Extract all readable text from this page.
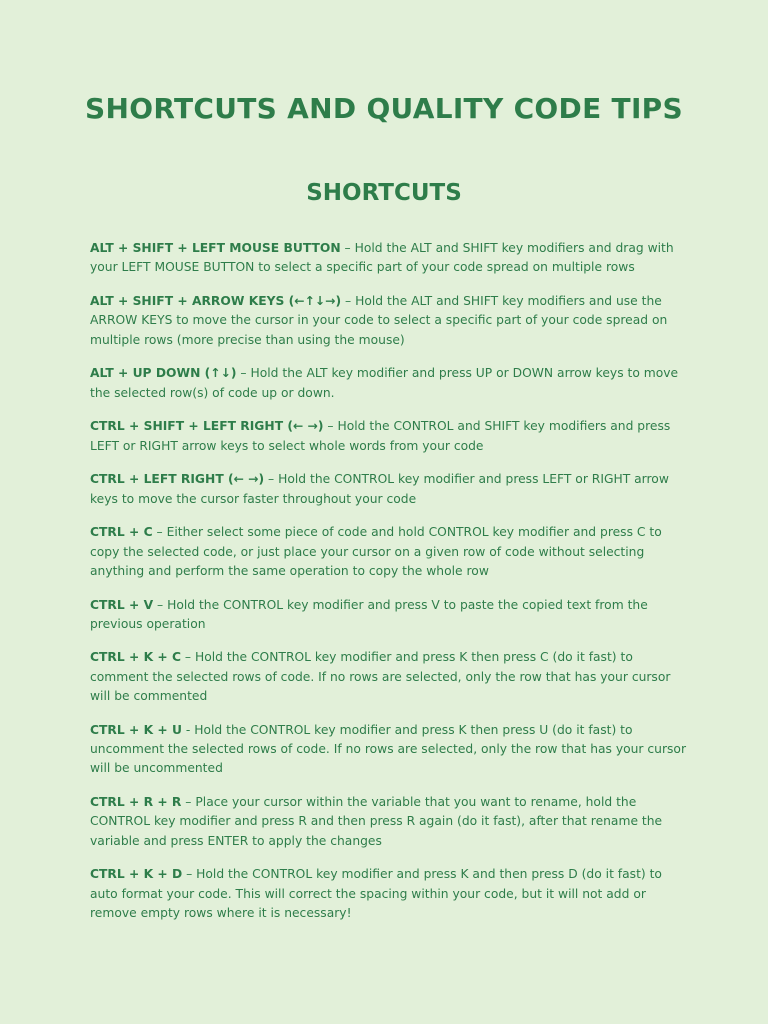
SHORTCUTS AND QUALITY CODE TIPS
SHORTCUTS
ALT + SHIFT + LEFT MOUSE BUTTON – Hold the ALT and SHIFT key modifiers and drag with your LEFT MOUSE BUTTON to select a specific part of your code spread on multiple rows
ALT + SHIFT + ARROW KEYS (←↑↓→) – Hold the ALT and SHIFT key modifiers and use the ARROW KEYS to move the cursor in your code to select a specific part of your code spread on multiple rows (more precise than using the mouse)
ALT + UP DOWN (↑↓) – Hold the ALT key modifier and press UP or DOWN arrow keys to move the selected row(s) of code up or down.
CTRL + SHIFT + LEFT RIGHT (← →) – Hold the CONTROL and SHIFT key modifiers and press LEFT or RIGHT arrow keys to select whole words from your code
CTRL + LEFT RIGHT (← →) – Hold the CONTROL key modifier and press LEFT or RIGHT arrow keys to move the cursor faster throughout your code
CTRL + C – Either select some piece of code and hold CONTROL key modifier and press C to copy the selected code, or just place your cursor on a given row of code without selecting anything and perform the same operation to copy the whole row
CTRL + V – Hold the CONTROL key modifier and press V to paste the copied text from the previous operation
CTRL + K + C – Hold the CONTROL key modifier and press K then press C (do it fast) to comment the selected rows of code. If no rows are selected, only the row that has your cursor will be commented
CTRL + K + U - Hold the CONTROL key modifier and press K then press U (do it fast) to uncomment the selected rows of code. If no rows are selected, only the row that has your cursor will be uncommented
CTRL + R + R – Place your cursor within the variable that you want to rename, hold the CONTROL key modifier and press R and then press R again (do it fast), after that rename the variable and press ENTER to apply the changes
CTRL + K + D – Hold the CONTROL key modifier and press K and then press D (do it fast) to auto format your code. This will correct the spacing within your code, but it will not add or remove empty rows where it is necessary!
